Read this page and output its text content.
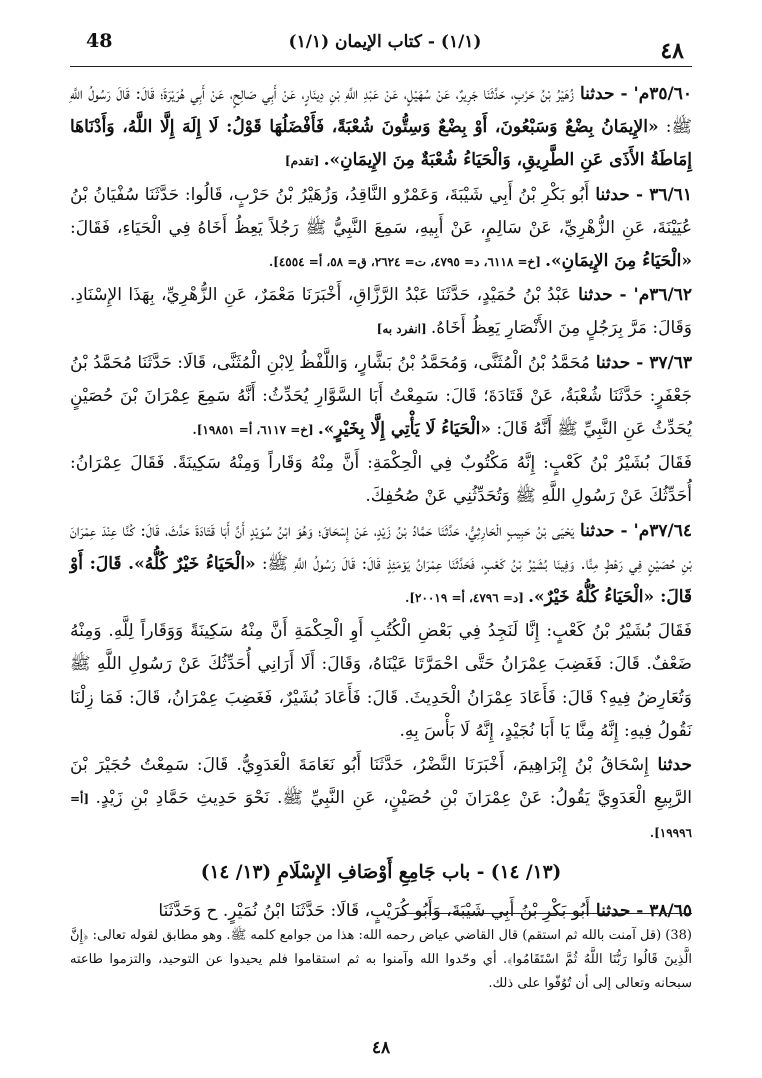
48	(١/١) - كتاب الإيمان (١/١)	٤٨

٣٥/٦٠م' - حدثنا زُهَيْرُ بْنُ حَرْبٍ، حَدَّثَنَا جَرِيرٌ، عَنْ سُهَيْلٍ، عَنْ عَبْدِ اللَّهِ بْنِ دِينَارٍ، عَنْ أَبِي صَالِحٍ، عَنْ أَبِي هُرَيْرَةَ؛ قَالَ: قَالَ رَسُولُ اللَّهِ ﷺ: «الإِيمَانُ بِضْعٌ وَسَبْعُونَ، أَوْ بِضْعٌ وَسِتُّونَ شُعْبَةً، فَأَفْضَلُهَا قَوْلُ: لَا إِلَهَ إِلَّا اللَّهُ، وَأَدْنَاهَا إِمَاطَةُ الأَذَى عَنِ الطَّرِيقِ، وَالْحَيَاءُ شُعْبَةٌ مِنَ الإِيمَانِ». [تقدم]

٣٦/٦١ - حدثنا أَبُو بَكْرِ بْنُ أَبِي شَيْبَةَ، وَعَمْرٌو النَّاقِدُ، وَزُهَيْرُ بْنُ حَرْبٍ، قَالُوا: حَدَّثَنَا سُفْيَانُ بْنُ عُيَيْنَةَ، عَنِ الزُّهْرِيِّ، عَنْ سَالِمٍ، عَنْ أَبِيهِ، سَمِعَ النَّبِيُّ ﷺ رَجُلاً يَعِظُ أَخَاهُ فِي الْحَيَاءِ، فَقَالَ: «الْحَيَاءُ مِنَ الإِيمَانِ». [خ= ٦١١٨، د= ٤٧٩٥، ت= ٢٦٢٤، ق= ٥٨، أ= ٤٥٥٤].

٣٦/٦٢م' - حدثنا عَبْدُ بْنُ حُمَيْدٍ، حَدَّثَنَا عَبْدُ الرَّزَّاقِ، أَخْبَرَنَا مَعْمَرٌ، عَنِ الزُّهْرِيِّ، بِهَذَا الإِسْنَادِ. وَقَالَ: مَرَّ بِرَجُلٍ مِنَ الأَنْصَارِ يَعِظُ أَخَاهُ. [انفرد به]

٣٧/٦٣ - حدثنا مُحَمَّدُ بْنُ الْمُثَنَّى، وَمُحَمَّدُ بْنُ بَشَّارٍ، وَاللَّفْظُ لِابْنِ الْمُثَنَّى، قَالَا: حَدَّثَنَا مُحَمَّدُ بْنُ جَعْفَرٍ: حَدَّثَنَا شُعْبَةُ، عَنْ قَتَادَةَ؛ قَالَ: سَمِعْتُ أَبَا السَّوَّارِ يُحَدِّثُ: أَنَّهُ سَمِعَ عِمْرَانَ بْنَ حُصَيْنٍ يُحَدِّثُ عَنِ النَّبِيِّ ﷺ أَنَّهُ قَالَ: «الْحَيَاءُ لَا يَأْتِي إِلَّا بِخَيْرٍ». [خ= ٦١١٧، أ= ١٩٨٥١].

فَقَالَ بُشَيْرُ بْنُ كَعْبٍ: إِنَّهُ مَكْتُوبٌ فِي الْحِكْمَةِ: أَنَّ مِنْهُ وَقَاراً وَمِنْهُ سَكِينَةً. فَقَالَ عِمْرَانُ: أُحَدِّثُكَ عَنْ رَسُولِ اللَّهِ ﷺ وَتُحَدِّثُنِي عَنْ صُحُفِكَ.

٣٧/٦٤م' - حدثنا يَحْيَى بْنُ حَبِيبٍ الْحَارِثِيُّ، حَدَّثَنَا حَمَّادُ بْنُ زَيْدٍ، عَنْ إِسْحَاقَ؛ وَهُوَ ابْنُ سُوَيْدٍ أَنَّ أَبَا قَتَادَةَ حَدَّثَ، قَالَ: كُنَّا عِنْدَ عِمْرَانَ بْنِ حُصَيْنٍ فِي رَهْطٍ مِنَّا. وَفِينَا بُشَيْرُ بْنُ كَعْبٍ، فَحَدَّثَنَا عِمْرَانُ يَوْمَئِذٍ قَالَ: قَالَ رَسُولُ اللَّهِ ﷺ: «الْحَيَاءُ خَيْرٌ كُلُّهُ». قَالَ: أَوْ قَالَ: «الْحَيَاءُ كُلُّهُ خَيْرٌ». [د= ٤٧٩٦، أ= ٢٠٠١٩].

فَقَالَ بُشَيْرُ بْنُ كَعْبٍ: إِنَّا لَنَجِدُ فِي بَعْضِ الْكُتُبِ أَوِ الْحِكْمَةِ أَنَّ مِنْهُ سَكِينَةً وَوَقَاراً لِلَّهِ. وَمِنْهُ ضَعْفٌ. قَالَ: فَغَضِبَ عِمْرَانُ حَتَّى احْمَرَّتَا عَيْنَاهُ، وَقَالَ: أَلَا أَرَانِي أُحَدِّثُكَ عَنْ رَسُولِ اللَّهِ ﷺ وَتُعَارِضُ فِيهِ؟ قَالَ: فَأَعَادَ عِمْرَانُ الْحَدِيثَ. قَالَ: فَأَعَادَ بُشَيْرٌ، فَغَضِبَ عِمْرَانُ، قَالَ: فَمَا زِلْنَا نَقُولُ فِيهِ: إِنَّهُ مِنَّا يَا أَبَا نُجَيْدٍ، إِنَّهُ لَا بَأْسَ بِهِ.

حدثنا إِسْحَاقُ بْنُ إِبْرَاهِيمَ، أَخْبَرَنَا النَّضْرُ، حَدَّثَنَا أَبُو نَعَامَةَ الْعَدَوِيُّ. قَالَ: سَمِعْتُ حُجَيْرَ بْنَ الرَّبِيعِ الْعَدَوِيَّ يَقُولُ: عَنْ عِمْرَانَ بْنِ حُصَيْنٍ، عَنِ النَّبِيِّ ﷺ. نَحْوَ حَدِيثِ حَمَّادِ بْنِ زَيْدٍ. [أ= ١٩٩٩٦].

(١٣/ ١٤) - باب جَامِعِ أَوْصَافِ الإِسْلَامِ (١٣/ ١٤)

٣٨/٦٥ - حدثنا أَبُو بَكْرِ بْنُ أَبِي شَيْبَةَ، وَأَبُو كُرَيْبٍ، قَالَا: حَدَّثَنَا ابْنُ نُمَيْرٍ. ح وَحَدَّثَنَا

(38) (قل آمنت بالله ثم استقم) قال القاضي عياض رحمه الله: هذا من جوامع كلمه ﷺ. وهو مطابق لقوله تعالى: ﴿إِنَّ الَّذِينَ قَالُوا رَبُّنَا اللَّهُ ثُمَّ اسْتَقَامُوا﴾. أي وحّدوا الله وآمنوا به ثم استقاموا فلم يحيدوا عن التوحيد، والتزموا طاعته سبحانه وتعالى إلى أن تُوُفّوا على ذلك.

٤٨
